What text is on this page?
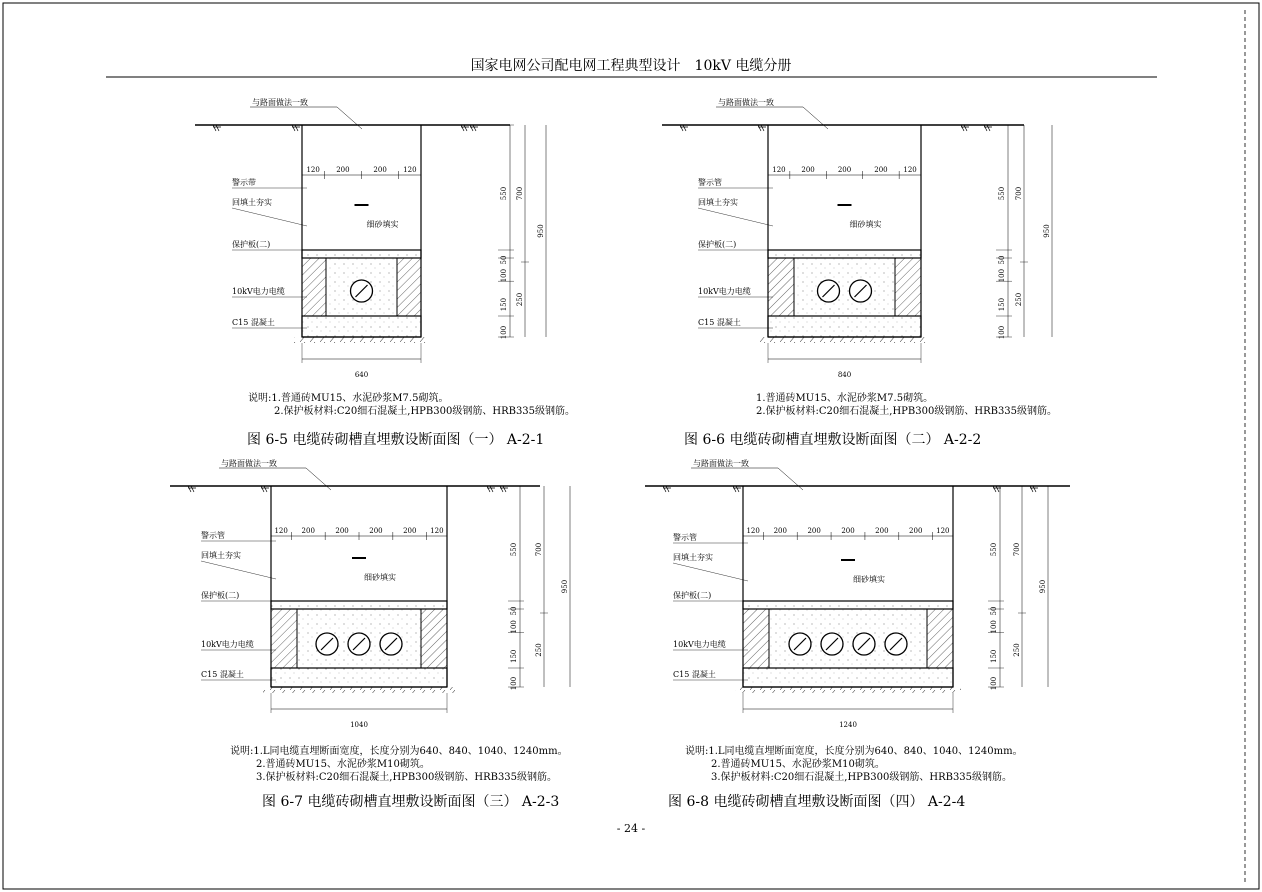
国家电网公司配电网工程典型设计　10kV 电缆分册
- 24 -
与路面做法一致
120 200	200 120
警示带
回填土夯实
保护板(二)
10kV电力电缆
C15 混凝土
细砂填实
550
50
100
150
100
700
250
950
640
说明:1.普通砖MU15、水泥砂浆M7.5砌筑。
2.保护板材料:C20细石混凝土,HPB300级钢筋、HRB335级钢筋。
图 6-5 电缆砖砌槽直埋敷设断面图（一） A-2-1
与路面做法一致
120 200	200	200 120
警示管
回填土夯实
保护板(二)
10kV电力电缆
C15 混凝土
细砂填实
550
50
100
150
100
700
250
950
840
1.普通砖MU15、水泥砂浆M7.5砌筑。
2.保护板材料:C20细石混凝土,HPB300级钢筋、HRB335级钢筋。
图 6-6 电缆砖砌槽直埋敷设断面图（二） A-2-2
与路面做法一致
120 200	200	200	200 120
警示管
回填土夯实
保护板(二)
10kV电力电缆
C15 混凝土
细砂填实
550
50
100
150
100
700
250
950
1040
说明:1.L同电缆直埋断面宽度，长度分别为640、840、1040、1240mm。
2.普通砖MU15、水泥砂浆M10砌筑。
3.保护板材料:C20细石混凝土,HPB300级钢筋、HRB335级钢筋。
图 6-7 电缆砖砌槽直埋敷设断面图（三） A-2-3
与路面做法一致
120 200	200	200	200	200 120
警示管
回填土夯实
保护板(二)
10kV电力电缆
C15 混凝土
细砂填实
550
50
100
150
100
700
250
950
1240
说明:1.L同电缆直埋断面宽度，长度分别为640、840、1040、1240mm。
2.普通砖MU15、水泥砂浆M10砌筑。
3.保护板材料:C20细石混凝土,HPB300级钢筋、HRB335级钢筋。
图 6-8 电缆砖砌槽直埋敷设断面图（四） A-2-4
